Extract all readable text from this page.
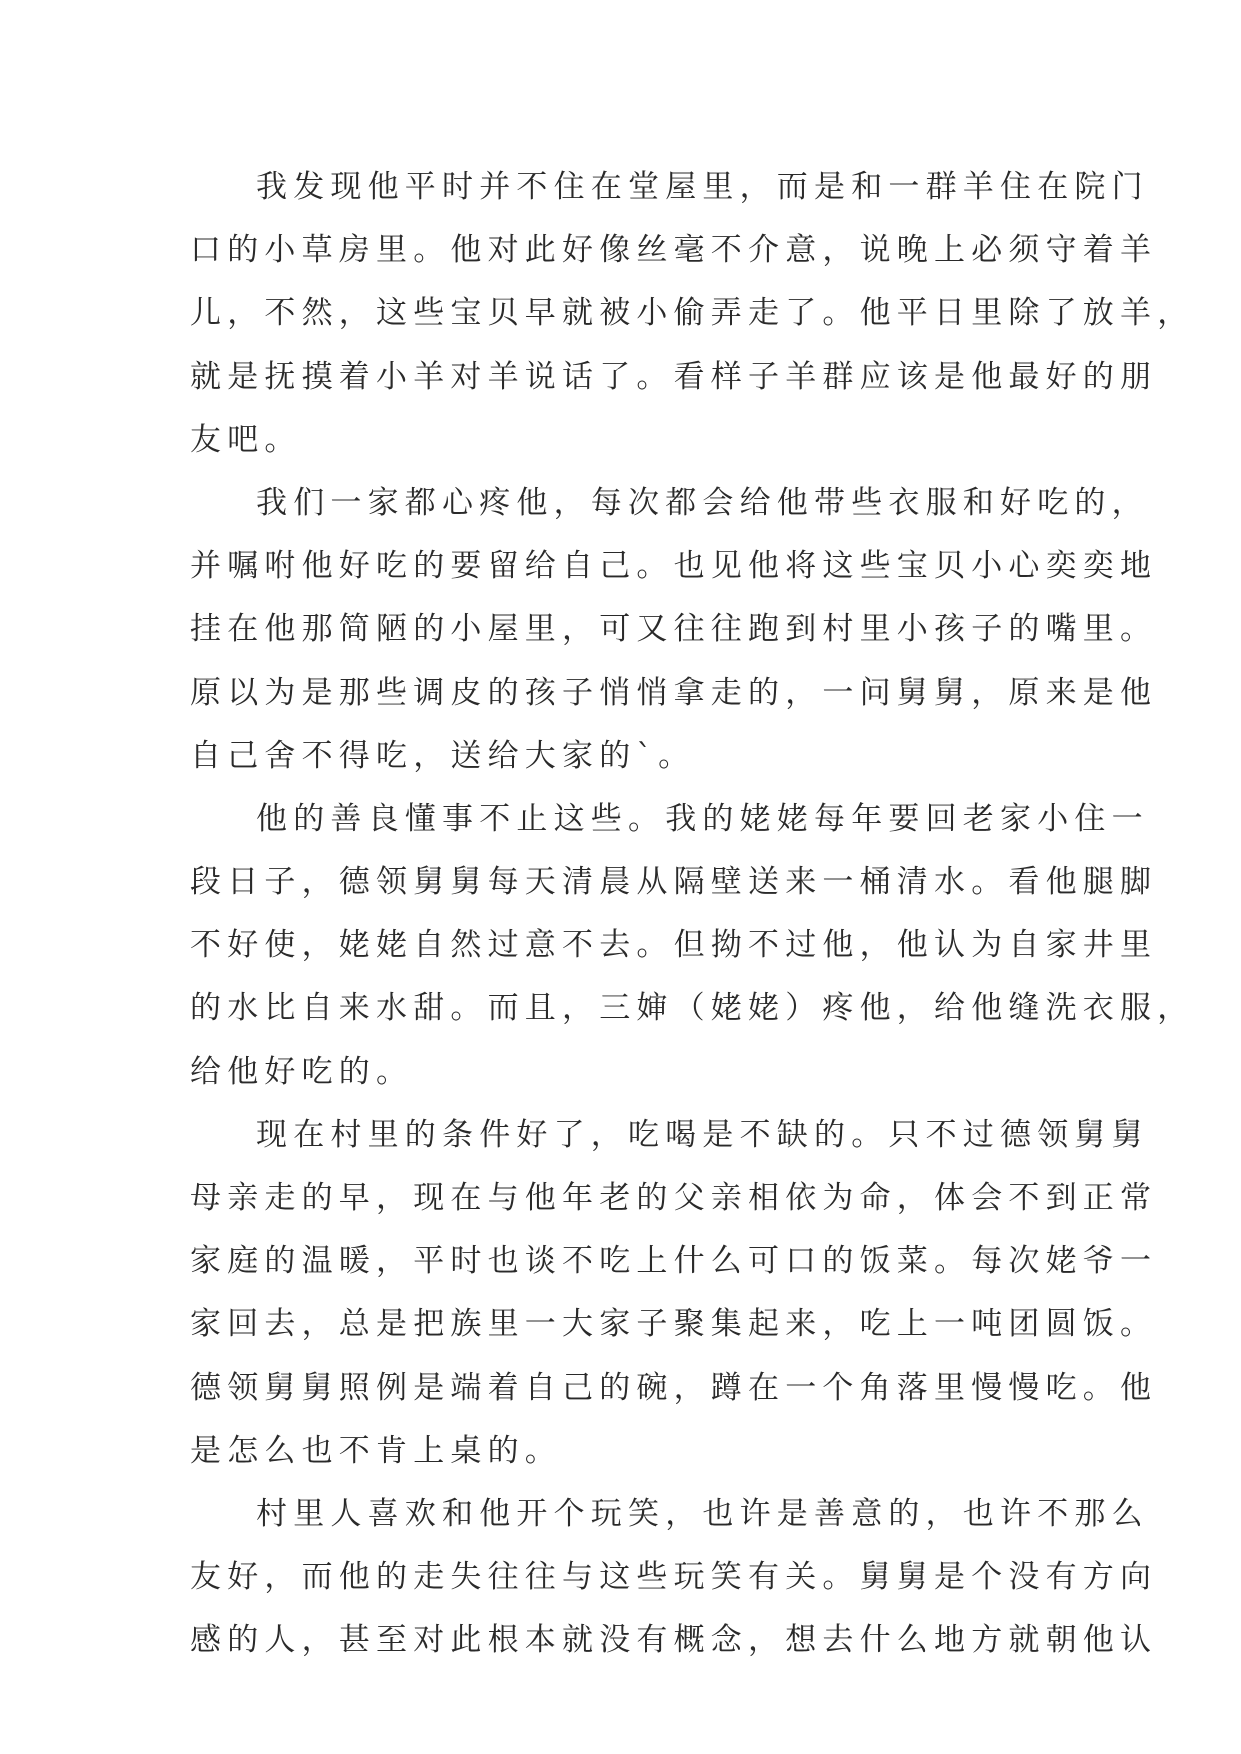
我发现他平时并不住在堂屋里，而是和一群羊住在院门
口的小草房里。他对此好像丝毫不介意，说晚上必须守着羊
儿，不然，这些宝贝早就被小偷弄走了。他平日里除了放羊，
就是抚摸着小羊对羊说话了。看样子羊群应该是他最好的朋
友吧。
我们一家都心疼他，每次都会给他带些衣服和好吃的，
并嘱咐他好吃的要留给自己。也见他将这些宝贝小心奕奕地
挂在他那简陋的小屋里，可又往往跑到村里小孩子的嘴里。
原以为是那些调皮的孩子悄悄拿走的，一问舅舅，原来是他
自己舍不得吃，送给大家的`。
他的善良懂事不止这些。我的姥姥每年要回老家小住一
段日子，德领舅舅每天清晨从隔壁送来一桶清水。看他腿脚
不好使，姥姥自然过意不去。但拗不过他，他认为自家井里
的水比自来水甜。而且，三婶（姥姥）疼他，给他缝洗衣服，
给他好吃的。
现在村里的条件好了，吃喝是不缺的。只不过德领舅舅
母亲走的早，现在与他年老的父亲相依为命，体会不到正常
家庭的温暖，平时也谈不吃上什么可口的饭菜。每次姥爷一
家回去，总是把族里一大家子聚集起来，吃上一吨团圆饭。
德领舅舅照例是端着自己的碗，蹲在一个角落里慢慢吃。他
是怎么也不肯上桌的。
村里人喜欢和他开个玩笑，也许是善意的，也许不那么
友好，而他的走失往往与这些玩笑有关。舅舅是个没有方向
感的人，甚至对此根本就没有概念，想去什么地方就朝他认
